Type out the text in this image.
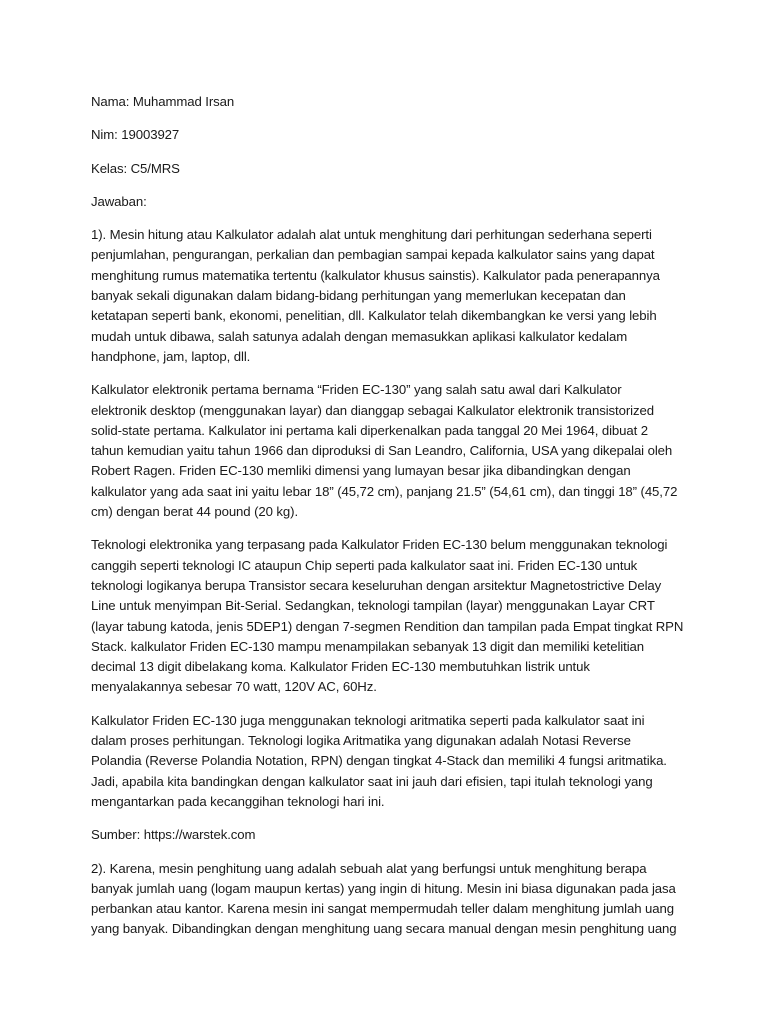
Nama: Muhammad Irsan
Nim: 19003927
Kelas: C5/MRS
Jawaban:
1). Mesin hitung atau Kalkulator adalah alat untuk menghitung dari perhitungan sederhana seperti
penjumlahan, pengurangan, perkalian dan pembagian sampai kepada kalkulator sains yang dapat
menghitung rumus matematika tertentu (kalkulator khusus sainstis). Kalkulator pada penerapannya
banyak sekali digunakan dalam bidang-bidang perhitungan yang memerlukan kecepatan dan
ketatapan seperti bank, ekonomi, penelitian, dll. Kalkulator telah dikembangkan ke versi yang lebih
mudah untuk dibawa, salah satunya adalah dengan memasukkan aplikasi kalkulator kedalam
handphone, jam, laptop, dll.
Kalkulator elektronik pertama bernama “Friden EC-130” yang salah satu awal dari Kalkulator
elektronik desktop (menggunakan layar) dan dianggap sebagai Kalkulator elektronik transistorized
solid-state pertama. Kalkulator ini pertama kali diperkenalkan pada tanggal 20 Mei 1964, dibuat 2
tahun kemudian yaitu tahun 1966 dan diproduksi di San Leandro, California, USA yang dikepalai oleh
Robert Ragen. Friden EC-130 memliki dimensi yang lumayan besar jika dibandingkan dengan
kalkulator yang ada saat ini yaitu lebar 18” (45,72 cm), panjang 21.5” (54,61 cm), dan tinggi 18” (45,72
cm) dengan berat 44 pound (20 kg).
Teknologi elektronika yang terpasang pada Kalkulator Friden EC-130 belum menggunakan teknologi
canggih seperti teknologi IC ataupun Chip seperti pada kalkulator saat ini. Friden EC-130 untuk
teknologi logikanya berupa Transistor secara keseluruhan dengan arsitektur Magnetostrictive Delay
Line untuk menyimpan Bit-Serial. Sedangkan, teknologi tampilan (layar) menggunakan Layar CRT
(layar tabung katoda, jenis 5DEP1) dengan 7-segmen Rendition dan tampilan pada Empat tingkat RPN
Stack. kalkulator Friden EC-130 mampu menampilakan sebanyak 13 digit dan memiliki ketelitian
decimal 13 digit dibelakang koma. Kalkulator Friden EC-130 membutuhkan listrik untuk
menyalakannya sebesar 70 watt, 120V AC, 60Hz.
Kalkulator Friden EC-130 juga menggunakan teknologi aritmatika seperti pada kalkulator saat ini
dalam proses perhitungan. Teknologi logika Aritmatika yang digunakan adalah Notasi Reverse
Polandia (Reverse Polandia Notation, RPN) dengan tingkat 4-Stack dan memiliki 4 fungsi aritmatika.
Jadi, apabila kita bandingkan dengan kalkulator saat ini jauh dari efisien, tapi itulah teknologi yang
mengantarkan pada kecanggihan teknologi hari ini.
Sumber: https://warstek.com
2). Karena, mesin penghitung uang adalah sebuah alat yang berfungsi untuk menghitung berapa
banyak jumlah uang (logam maupun kertas) yang ingin di hitung. Mesin ini biasa digunakan pada jasa
perbankan atau kantor. Karena mesin ini sangat mempermudah teller dalam menghitung jumlah uang
yang banyak. Dibandingkan dengan menghitung uang secara manual dengan mesin penghitung uang
